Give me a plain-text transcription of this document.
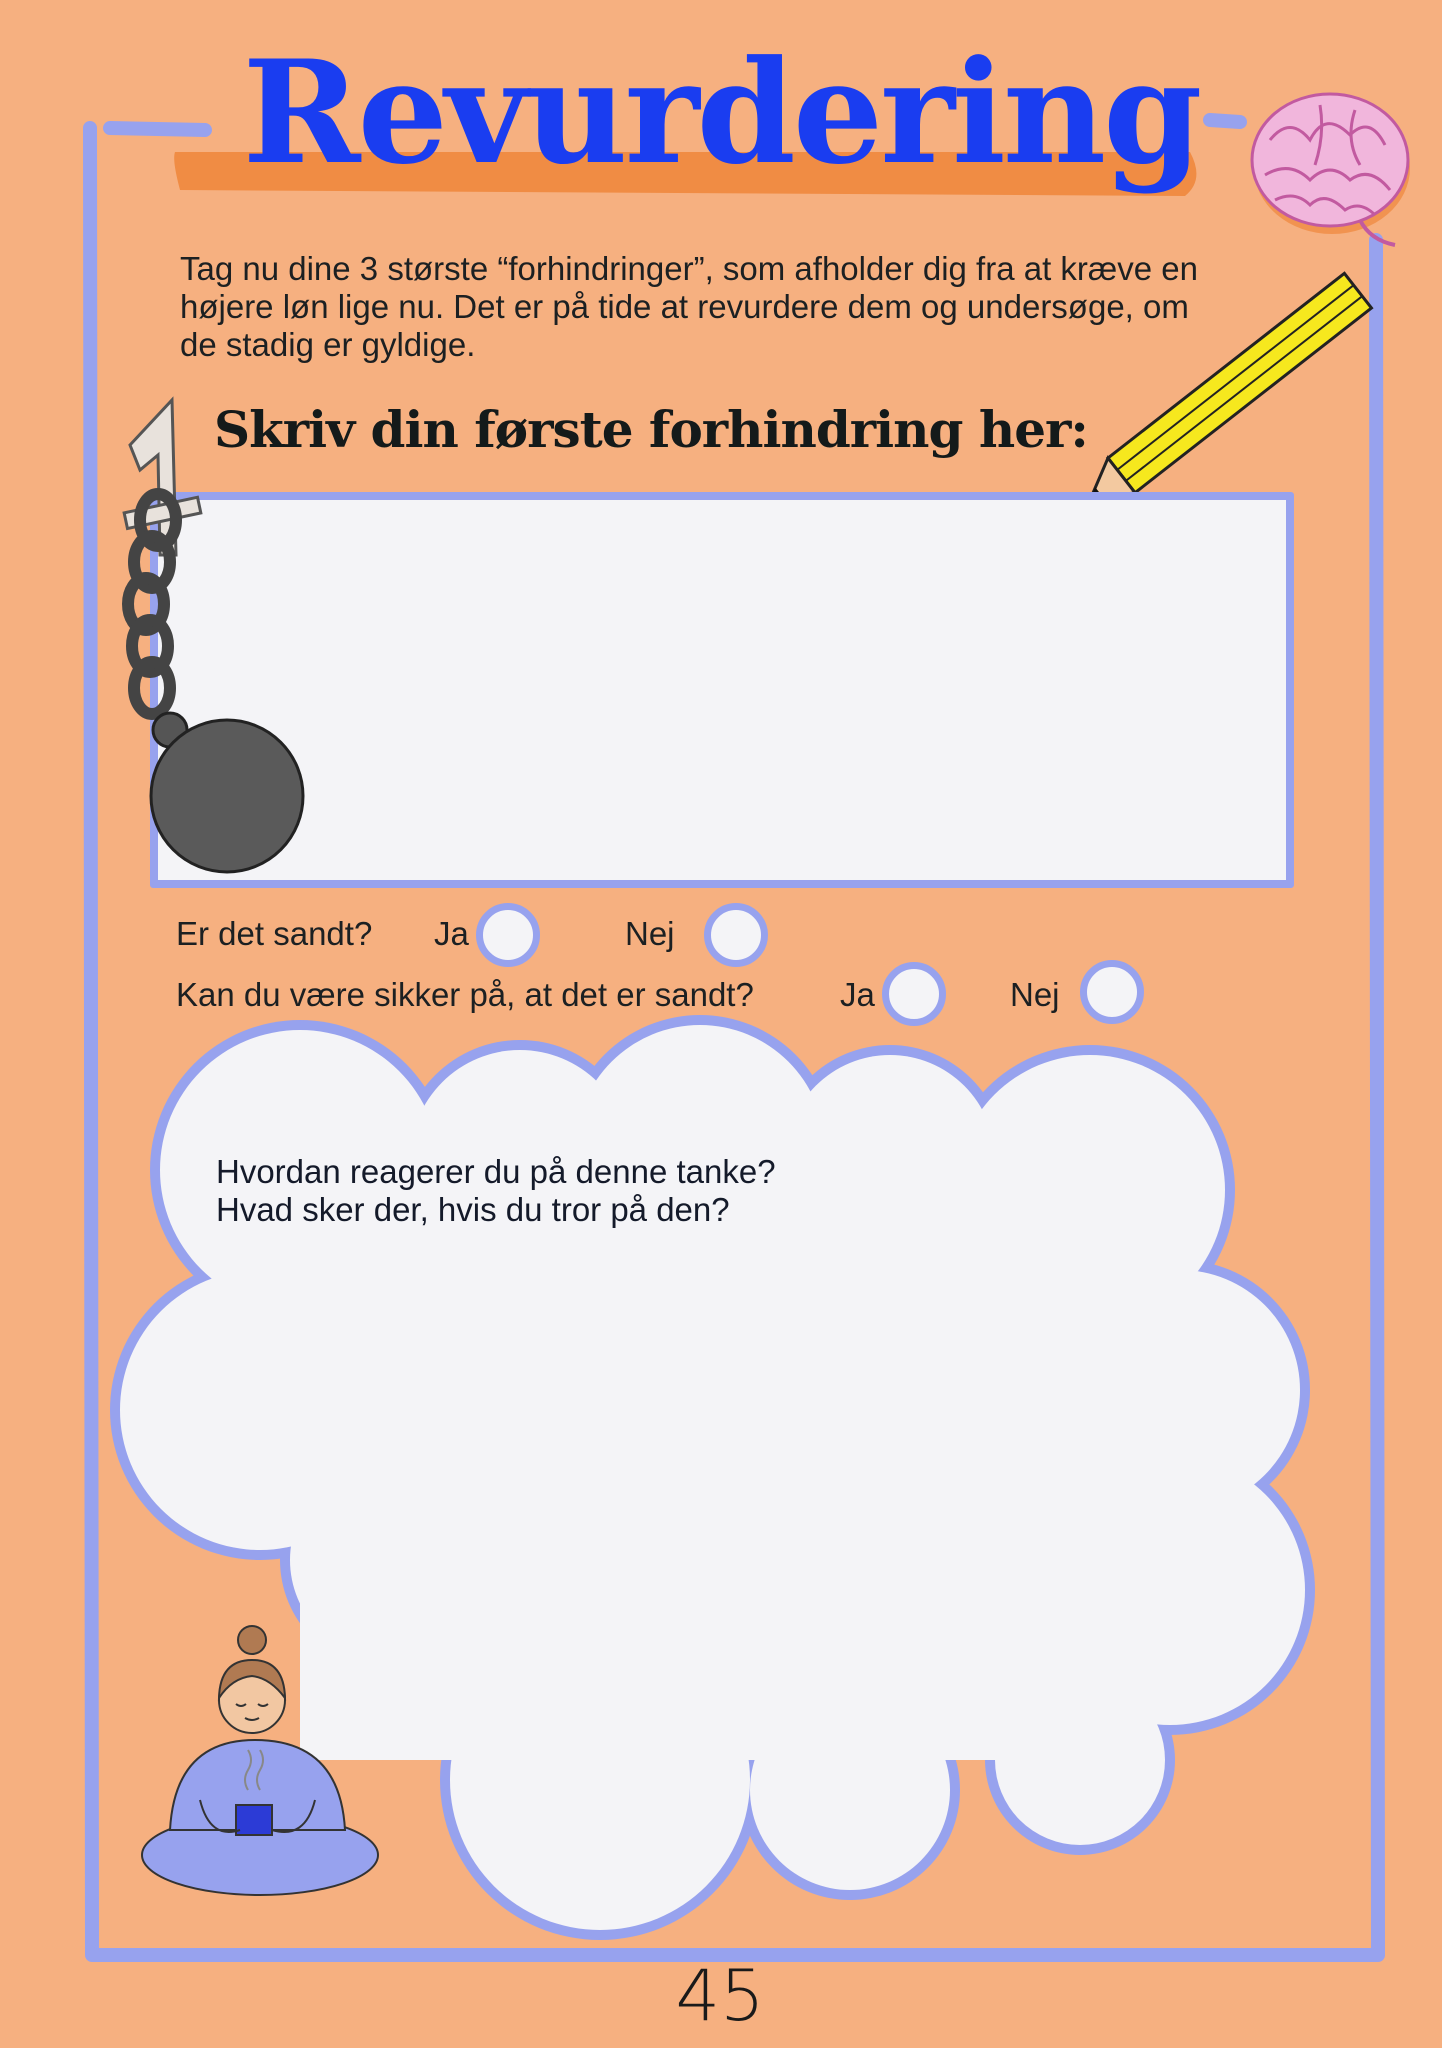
Revurdering
Tag nu dine 3 største “forhindringer”, som afholder dig fra at kræve en højere løn lige nu. Det er på tide at revurdere dem og undersøge, om de stadig er gyldige.
Skriv din første forhindring her:
Er det sandt? Ja	Nej
Kan du være sikker på, at det er sandt?	Ja	Nej
Hvordan reagerer du på denne tanke?
Hvad sker der, hvis du tror på den?
45
